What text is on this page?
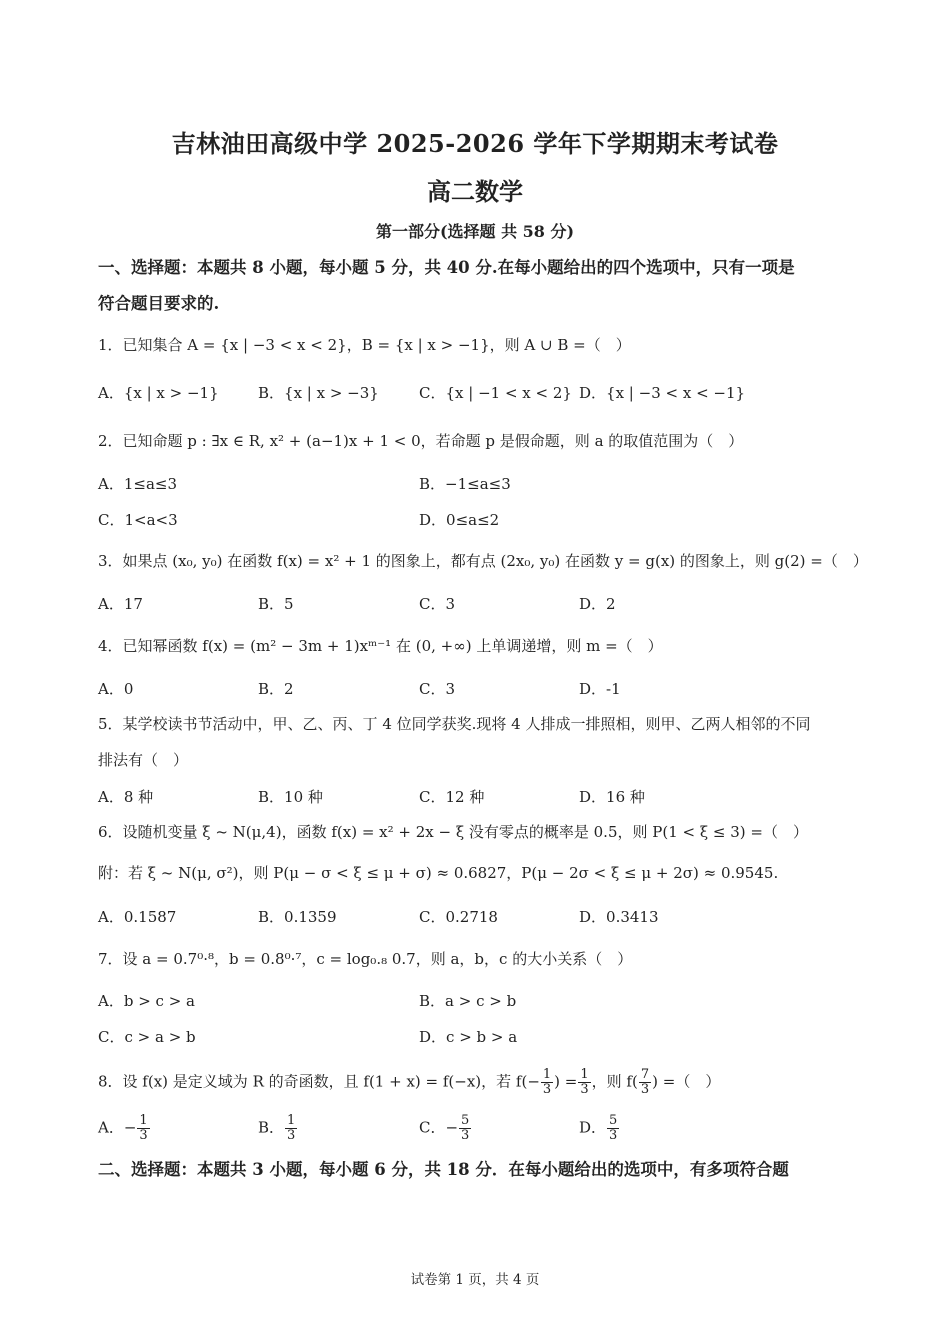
吉林油田高级中学 2025-2026 学年下学期期末考试卷
高二数学
第一部分(选择题 共 58 分)
一、选择题：本题共 8 小题，每小题 5 分，共 40 分.在每小题给出的四个选项中，只有一项是
符合题目要求的.
1．已知集合 A = {x | −3 < x < 2}，B = {x | x > −1}，则 A ∪ B =（　）
A．{x | x > −1}	B．{x | x > −3}	C．{x | −1 < x < 2} D．{x | −3 < x < −1}
2．已知命题 p : ∃x ∈ R, x² + (a−1)x + 1 < 0，若命题 p 是假命题，则 a 的取值范围为（　）
A．1≤a≤3	B．−1≤a≤3
C．1<a<3	D．0≤a≤2
3．如果点 (x₀, y₀) 在函数 f(x) = x² + 1 的图象上，都有点 (2x₀, y₀) 在函数 y = g(x) 的图象上，则 g(2) =（　）
A．17	B．5	C．3	D．2
4．已知幂函数 f(x) = (m² − 3m + 1)xᵐ⁻¹ 在 (0, +∞) 上单调递增，则 m =（　）
A．0	B．2	C．3	D．-1
5．某学校读书节活动中，甲、乙、丙、丁 4 位同学获奖.现将 4 人排成一排照相，则甲、乙两人相邻的不同
排法有（　）
A．8 种	B．10 种	C．12 种	D．16 种
6．设随机变量 ξ ~ N(μ,4)，函数 f(x) = x² + 2x − ξ 没有零点的概率是 0.5，则 P(1 < ξ ≤ 3) =（　）
附：若 ξ ~ N(μ, σ²)，则 P(μ − σ < ξ ≤ μ + σ) ≈ 0.6827，P(μ − 2σ < ξ ≤ μ + 2σ) ≈ 0.9545.
A．0.1587	B．0.1359	C．0.2718	D．0.3413
7．设 a = 0.7⁰·⁸，b = 0.8⁰·⁷，c = log₀.₈ 0.7，则 a，b，c 的大小关系（　）
A．b > c > a	B．a > c > b
C．c > a > b	D．c > b > a
8．设 f(x) 是定义域为 R 的奇函数，且 f(1 + x) = f(−x)，若 $f(- \frac{1}{3}$ ) = $\frac{1}{3}$ ，则 $f( \frac{7}{3}$ ) =（　）
A．− $\frac{1}{3}$	B． $\frac{1}{3}$	C．− $\frac{5}{3}$	D． $\frac{5}{3}$
二、选择题：本题共 3 小题，每小题 6 分，共 18 分．在每小题给出的选项中，有多项符合题
试卷第 1 页，共 4 页
